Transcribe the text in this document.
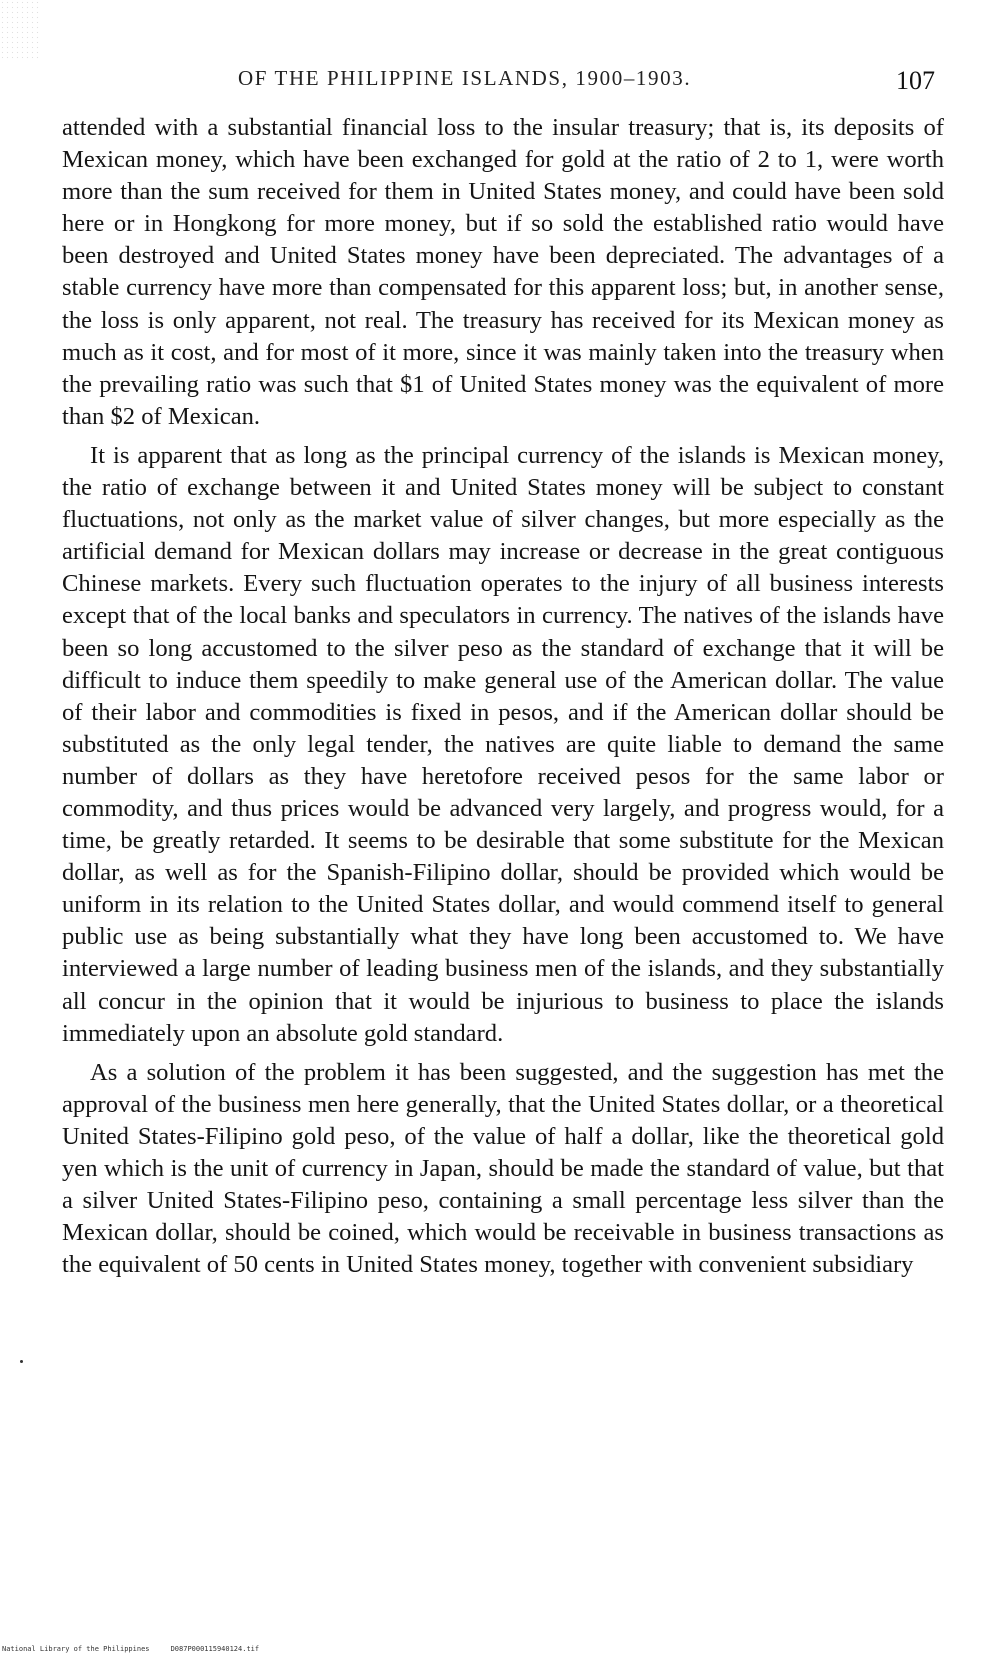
OF THE PHILIPPINE ISLANDS, 1900–1903.	107

attended with a substantial financial loss to the insular treasury; that is, its deposits of Mexican money, which have been exchanged for gold at the ratio of 2 to 1, were worth more than the sum received for them in United States money, and could have been sold here or in Hongkong for more money, but if so sold the established ratio would have been destroyed and United States money have been depreciated. The advantages of a stable currency have more than compensated for this apparent loss; but, in another sense, the loss is only apparent, not real. The treasury has received for its Mexican money as much as it cost, and for most of it more, since it was mainly taken into the treasury when the prevailing ratio was such that $1 of United States money was the equivalent of more than $2 of Mexican.

It is apparent that as long as the principal currency of the islands is Mexican money, the ratio of exchange between it and United States money will be subject to constant fluctuations, not only as the market value of silver changes, but more especially as the artificial demand for Mexican dollars may increase or decrease in the great contiguous Chinese markets. Every such fluctuation operates to the injury of all business interests except that of the local banks and speculators in currency. The natives of the islands have been so long accustomed to the silver peso as the standard of exchange that it will be difficult to induce them speedily to make general use of the American dollar. The value of their labor and commodities is fixed in pesos, and if the American dollar should be substituted as the only legal tender, the natives are quite liable to demand the same number of dollars as they have heretofore received pesos for the same labor or commodity, and thus prices would be advanced very largely, and progress would, for a time, be greatly retarded. It seems to be desirable that some substitute for the Mexican dollar, as well as for the Spanish-Filipino dollar, should be provided which would be uniform in its relation to the United States dollar, and would commend itself to general public use as being substantially what they have long been accustomed to. We have interviewed a large number of leading business men of the islands, and they substantially all concur in the opinion that it would be injurious to business to place the islands immediately upon an absolute gold standard.

As a solution of the problem it has been suggested, and the suggestion has met the approval of the business men here generally, that the United States dollar, or a theoretical United States-Filipino gold peso, of the value of half a dollar, like the theoretical gold yen which is the unit of currency in Japan, should be made the standard of value, but that a silver United States-Filipino peso, containing a small percentage less silver than the Mexican dollar, should be coined, which would be receivable in business transactions as the equivalent of 50 cents in United States money, together with convenient subsidiary

National Library of the Philippines	D087P000115940124.tif
